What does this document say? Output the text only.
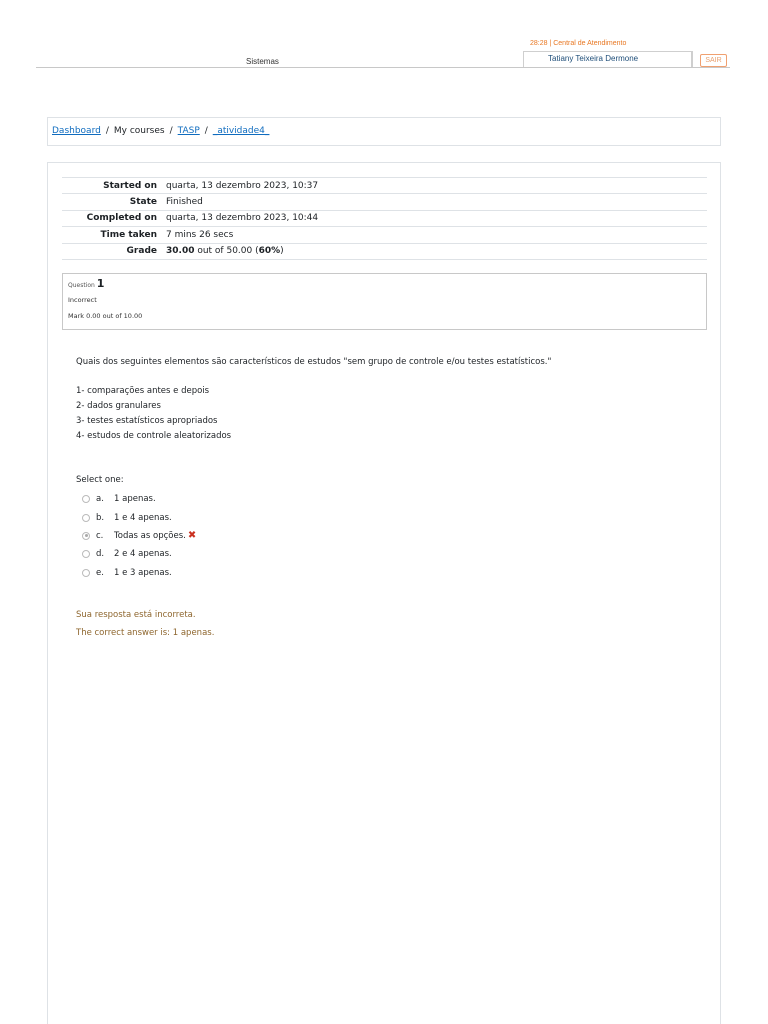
Sistemas
28:28 | Central de Atendimento
Tatiany Teixeira Dermone	SAIR
Dashboard / My courses / TASP / _atividade4_
Started on	quarta, 13 dezembro 2023, 10:37
State	Finished
Completed on	quarta, 13 dezembro 2023, 10:44
Time taken	7 mins 26 secs
Grade	30.00 out of 50.00 (60%)
Question 1
Incorrect
Mark 0.00 out of 10.00

Quais dos seguintes elementos são característicos de estudos "sem grupo de controle e/ou testes estatísticos."

1- comparações antes e depois
2- dados granulares
3- testes estatísticos apropriados
4- estudos de controle aleatorizados
Select one:
a.	1 apenas.
b.	1 e 4 apenas.
c.	Todas as opções. ✖
d.	2 e 4 apenas.
e.	1 e 3 apenas.
Sua resposta está incorreta.
The correct answer is: 1 apenas.
